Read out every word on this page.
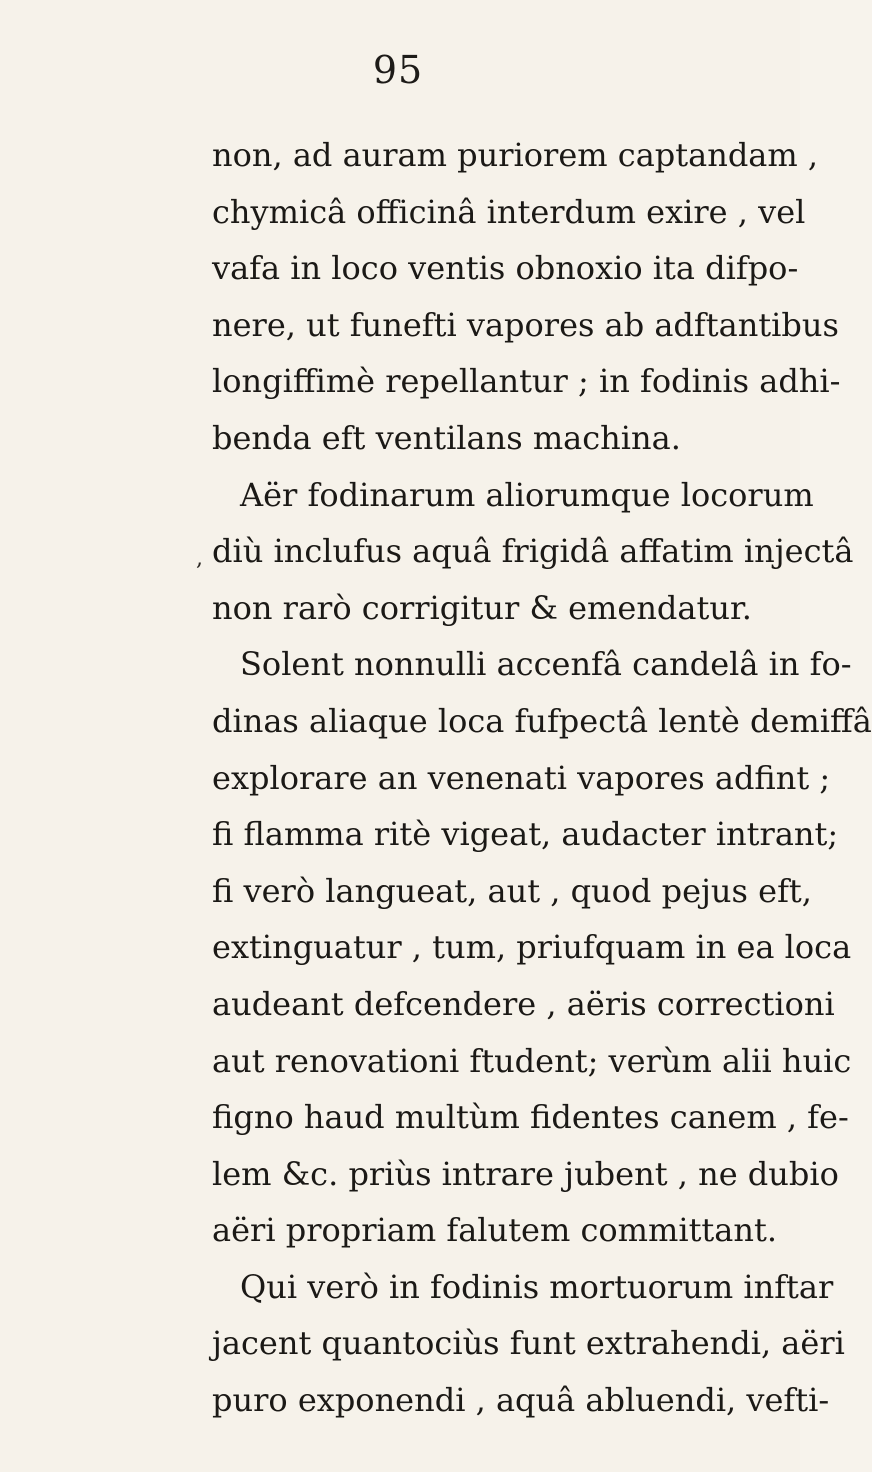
95
,
non, ad auram puriorem captandam ,
chymicâ officinâ interdum exire , vel
vafa in loco ventis obnoxio ita difpo-
nere, ut funefti vapores ab adftantibus
longiffimè repellantur ; in fodinis adhi-
benda eft ventilans machina.
Aër fodinarum aliorumque locorum
diù inclufus aquâ frigidâ affatim injectâ
non rarò corrigitur & emendatur.
Solent nonnulli accenfâ candelâ in fo-
dinas aliaque loca fufpectâ lentè demiffâ
explorare an venenati vapores adfint ;
fi flamma ritè vigeat, audacter intrant;
fi verò langueat, aut , quod pejus eft,
extinguatur , tum, priufquam in ea loca
audeant defcendere , aëris correctioni
aut renovationi ftudent; verùm alii huic
figno haud multùm fidentes canem , fe-
lem &c. priùs intrare jubent , ne dubio
aëri propriam falutem committant.
Qui verò in fodinis mortuorum inftar
jacent quantociùs funt extrahendi, aëri
puro exponendi , aquâ abluendi, vefti-
